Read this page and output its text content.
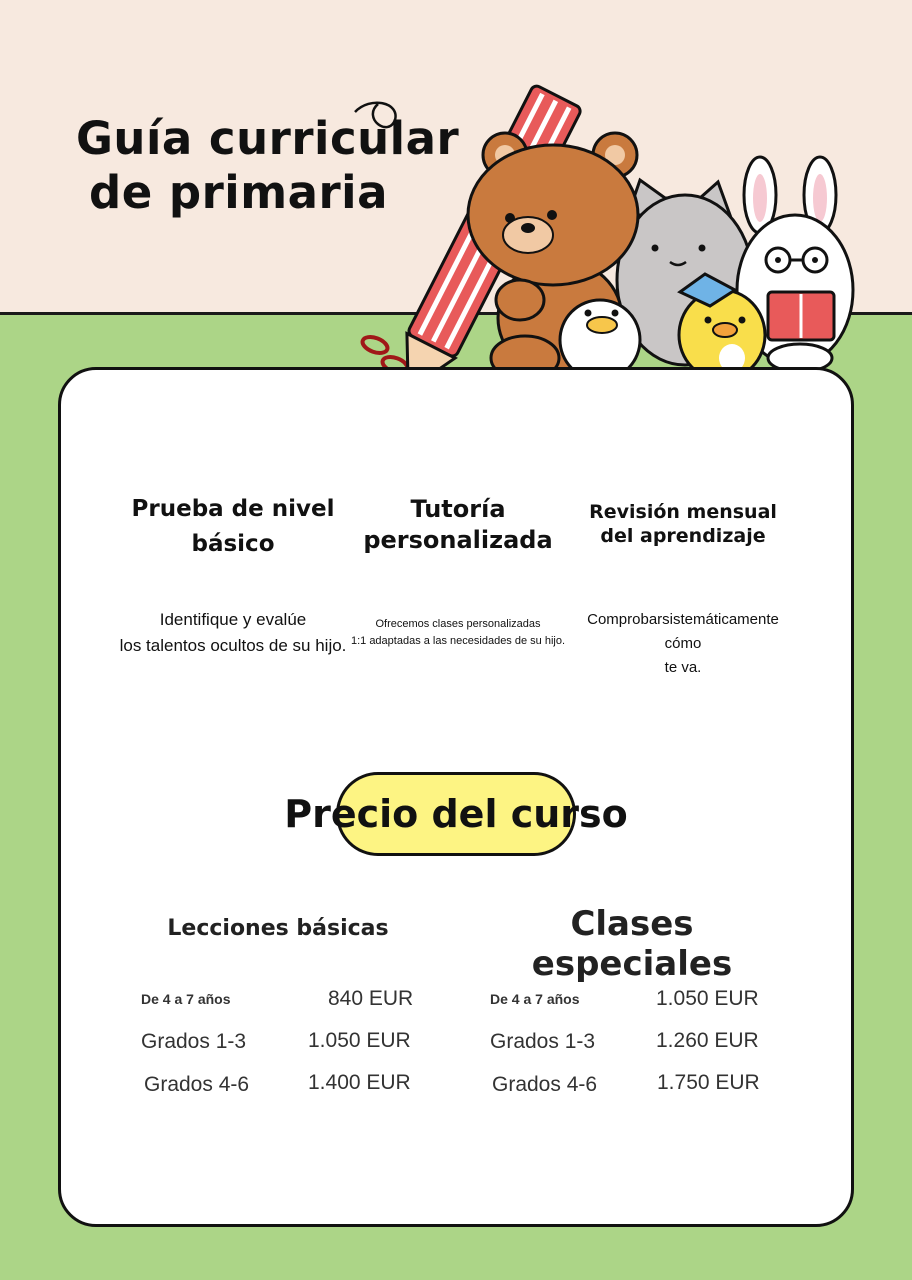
Guía curricular
de primaria
Prueba de nivel básico

Identifique y evalúe
los talentos ocultos de su hijo.

Tutoría personalizada

Ofrecemos clases personalizadas
1:1 adaptadas a las necesidades de su hijo.

Revisión mensual del aprendizaje

Comprobarsistemáticamente
cómo
te va.

Precio del curso
Lecciones básicas	Clases especiales
De 4 a 7 años	840 EUR
Grados 1-3	1.050 EUR
Grados 4-6	1.400 EUR
De 4 a 7 años	1.050 EUR
Grados 1-3	1.260 EUR
Grados 4-6	1.750 EUR
